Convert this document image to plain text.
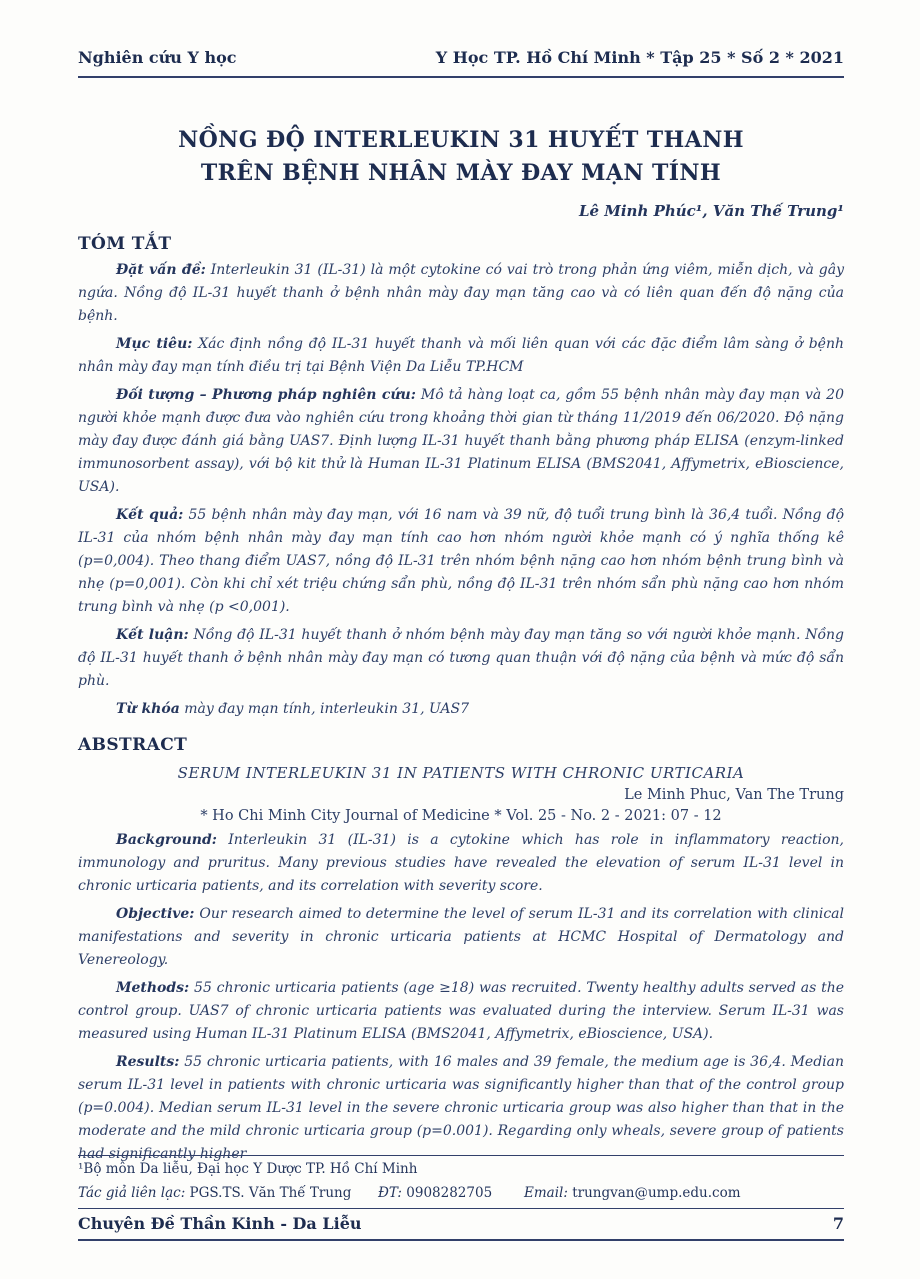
Nghiên cứu Y học	Y Học TP. Hồ Chí Minh * Tập 25 * Số 2 * 2021
NỒNG ĐỘ INTERLEUKIN 31 HUYẾT THANH
TRÊN BỆNH NHÂN MÀY ĐAY MẠN TÍNH
Lê Minh Phúc¹, Văn Thế Trung¹
TÓM TẮT

Đặt vấn đề: Interleukin 31 (IL-31) là một cytokine có vai trò trong phản ứng viêm, miễn dịch, và gây ngứa. Nồng độ IL-31 huyết thanh ở bệnh nhân mày đay mạn tăng cao và có liên quan đến độ nặng của bệnh.

Mục tiêu: Xác định nồng độ IL-31 huyết thanh và mối liên quan với các đặc điểm lâm sàng ở bệnh nhân mày đay mạn tính điều trị tại Bệnh Viện Da Liễu TP.HCM

Đối tượng – Phương pháp nghiên cứu: Mô tả hàng loạt ca, gồm 55 bệnh nhân mày đay mạn và 20 người khỏe mạnh được đưa vào nghiên cứu trong khoảng thời gian từ tháng 11/2019 đến 06/2020. Độ nặng mày đay được đánh giá bằng UAS7. Định lượng IL-31 huyết thanh bằng phương pháp ELISA (enzym-linked immunosorbent assay), với bộ kit thử là Human IL-31 Platinum ELISA (BMS2041, Affymetrix, eBioscience, USA).

Kết quả: 55 bệnh nhân mày đay mạn, với 16 nam và 39 nữ, độ tuổi trung bình là 36,4 tuổi. Nồng độ IL-31 của nhóm bệnh nhân mày đay mạn tính cao hơn nhóm người khỏe mạnh có ý nghĩa thống kê (p=0,004). Theo thang điểm UAS7, nồng độ IL-31 trên nhóm bệnh nặng cao hơn nhóm bệnh trung bình và nhẹ (p=0,001). Còn khi chỉ xét triệu chứng sẩn phù, nồng độ IL-31 trên nhóm sẩn phù nặng cao hơn nhóm trung bình và nhẹ (p <0,001).

Kết luận: Nồng độ IL-31 huyết thanh ở nhóm bệnh mày đay mạn tăng so với người khỏe mạnh. Nồng độ IL-31 huyết thanh ở bệnh nhân mày đay mạn có tương quan thuận với độ nặng của bệnh và mức độ sẩn phù.

Từ khóa mày đay mạn tính, interleukin 31, UAS7

ABSTRACT
SERUM INTERLEUKIN 31 IN PATIENTS WITH CHRONIC URTICARIA
Le Minh Phuc, Van The Trung
* Ho Chi Minh City Journal of Medicine * Vol. 25 - No. 2 - 2021: 07 - 12

Background: Interleukin 31 (IL-31) is a cytokine which has role in inflammatory reaction, immunology and pruritus. Many previous studies have revealed the elevation of serum IL-31 level in chronic urticaria patients, and its correlation with severity score.

Objective: Our research aimed to determine the level of serum IL-31 and its correlation with clinical manifestations and severity in chronic urticaria patients at HCMC Hospital of Dermatology and Venereology.

Methods: 55 chronic urticaria patients (age ≥18) was recruited. Twenty healthy adults served as the control group. UAS7 of chronic urticaria patients was evaluated during the interview. Serum IL-31 was measured using Human IL-31 Platinum ELISA (BMS2041, Affymetrix, eBioscience, USA).

Results: 55 chronic urticaria patients, with 16 males and 39 female, the medium age is 36,4. Median serum IL-31 level in patients with chronic urticaria was significantly higher than that of the control group (p=0.004). Median serum IL-31 level in the severe chronic urticaria group was also higher than that in the moderate and the mild chronic urticaria group (p=0.001). Regarding only wheals, severe group of patients had significantly higher

¹Bộ môn Da liễu, Đại học Y Dược TP. Hồ Chí Minh
Tác giả liên lạc: PGS.TS. Văn Thế Trung	ĐT: 0908282705	Email: trungvan@ump.edu.com
Chuyên Đề Thần Kinh - Da Liễu	7
